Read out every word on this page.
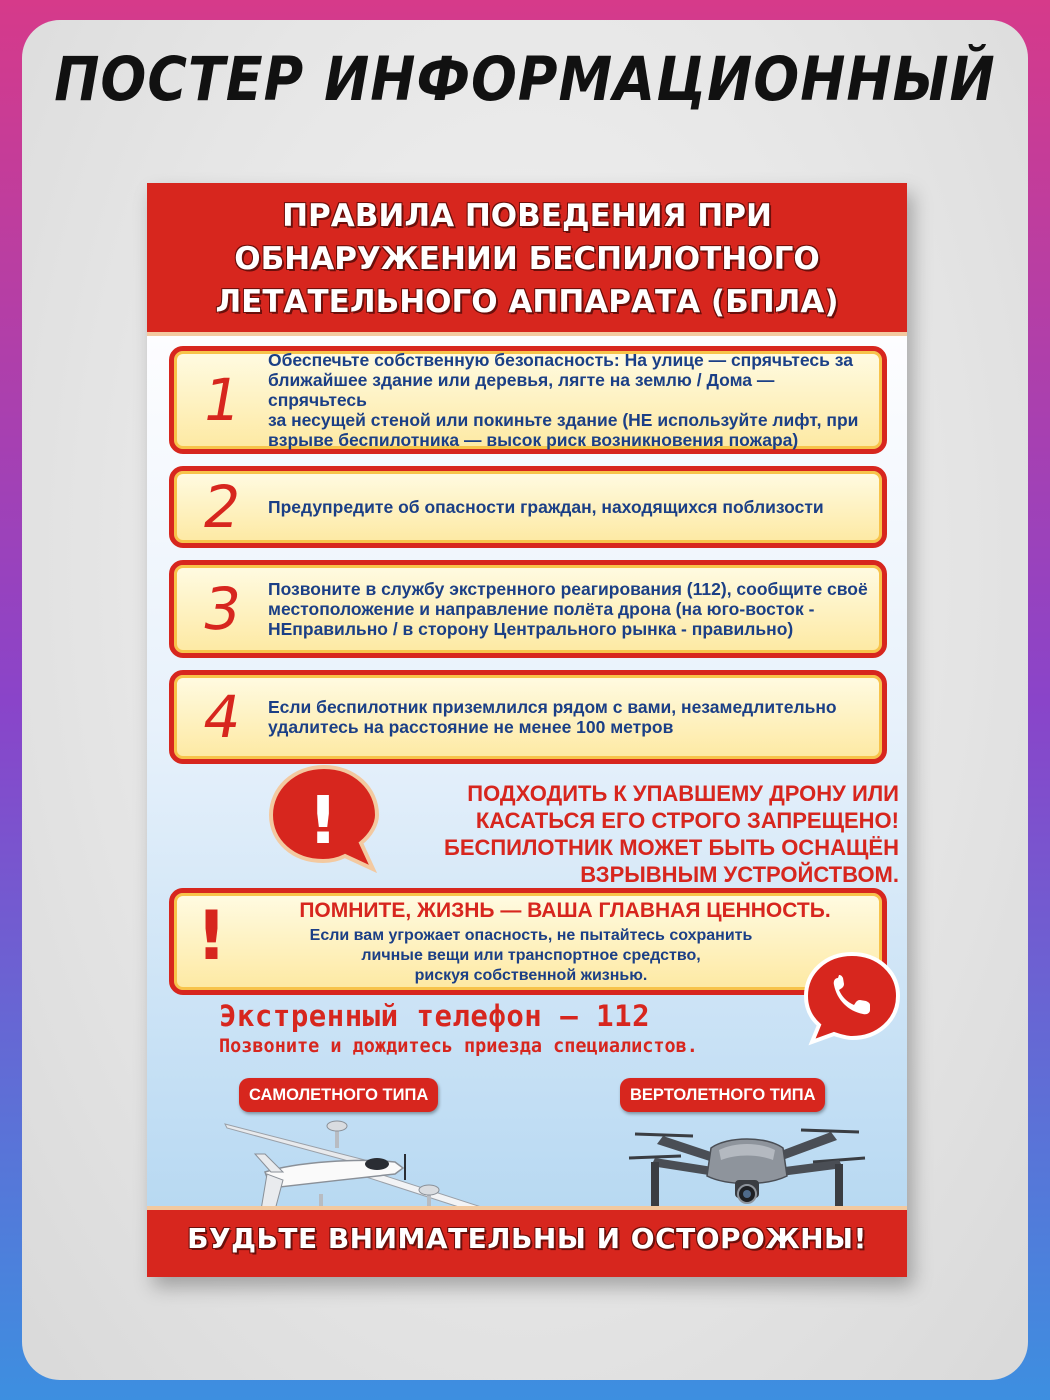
ПОСТЕР ИНФОРМАЦИОННЫЙ
ПРАВИЛА ПОВЕДЕНИЯ ПРИ
ОБНАРУЖЕНИИ БЕСПИЛОТНОГО
ЛЕТАТЕЛЬНОГО АППАРАТА (БПЛА)
1
Обеспечьте собственную безопасность: На улице — спрячьтесь за
ближайшее здание или деревья, лягте на землю / Дома — спрячьтесь
за несущей стеной или покиньте здание (НЕ используйте лифт, при
взрыве беспилотника — высок риск возникновения пожара)
2	Предупредите об опасности граждан, находящихся поблизости
3	Позвоните в службу экстренного реагирования (112), сообщите своё
местоположение и направление полёта дрона (на юго-восток -
НЕправильно / в сторону Центрального рынка - правильно)
4	Если беспилотник приземлился рядом с вами, незамедлительно
удалитесь на расстояние не менее 100 метров
!	ПОДХОДИТЬ К УПАВШЕМУ ДРОНУ ИЛИ
КАСАТЬСЯ ЕГО СТРОГО ЗАПРЕЩЕНО!
БЕСПИЛОТНИК МОЖЕТ БЫТЬ ОСНАЩЁН
ВЗРЫВНЫМ УСТРОЙСТВОМ.
!	ПОМНИТЕ, ЖИЗНЬ — ВАША ГЛАВНАЯ ЦЕННОСТЬ.
Если вам угрожает опасность, не пытайтесь сохранить
личные вещи или транспортное средство,
рискуя собственной жизнью.
Экстренный телефон – 112
Позвоните и дождитесь приезда специалистов.
САМОЛЕТНОГО ТИПА	ВЕРТОЛЕТНОГО ТИПА
БУДЬТЕ ВНИМАТЕЛЬНЫ И ОСТОРОЖНЫ!
